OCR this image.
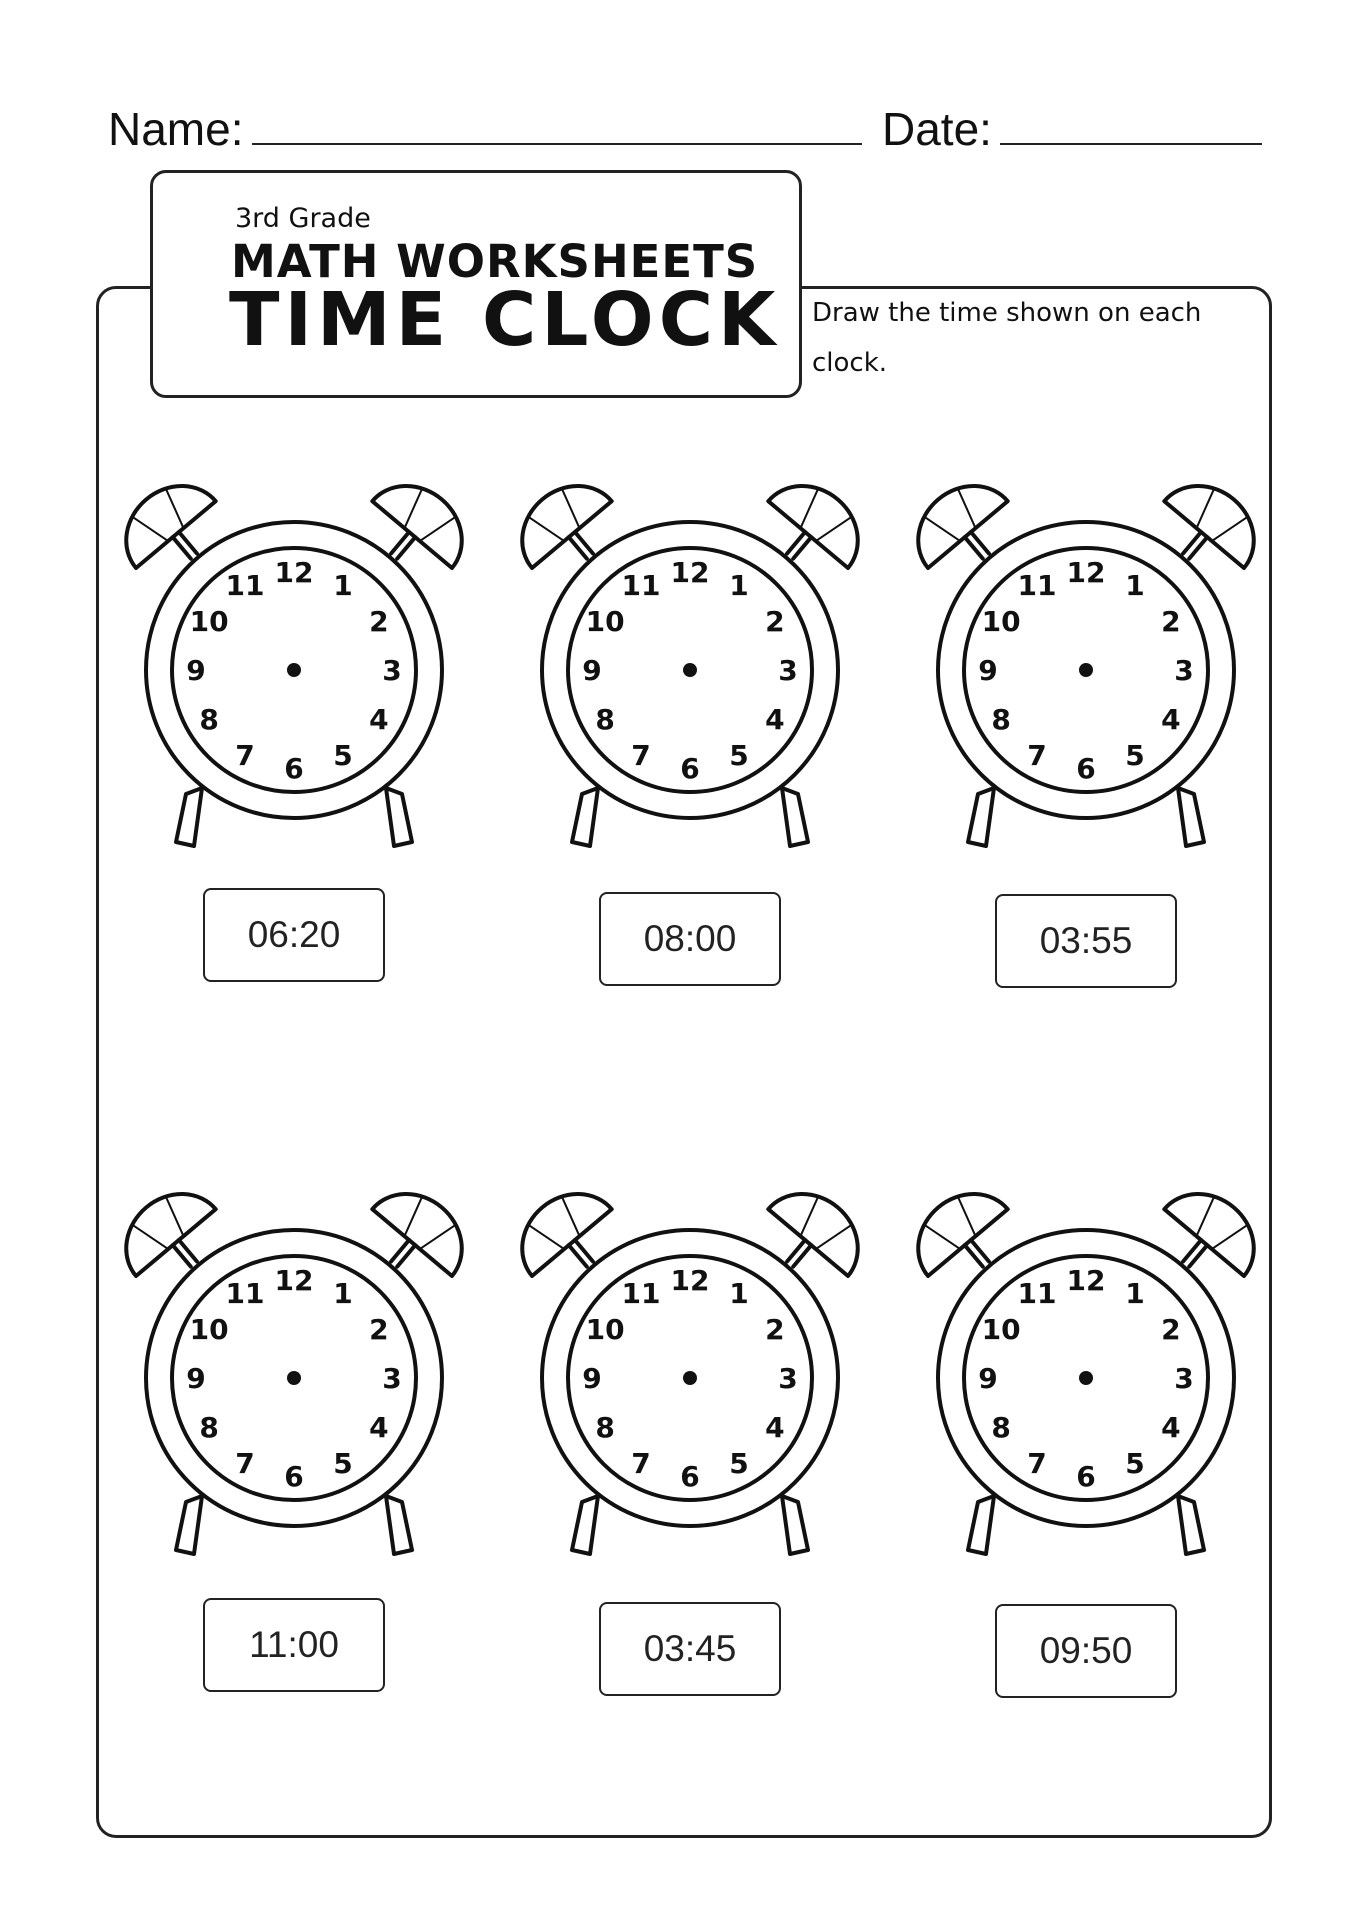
Name:	Date:
3rd Grade
MATH WORKSHEETS
TIME CLOCK Draw the time shown on each clock.
12 1
2
3
4
5
6
7
8
9
10
11
06:20
12 1
2
3
4
5
6
7
8
9
10
11
08:00
12 1
2
3
4
5
6
7
8
9
10
11
03:55
12 1
2
3
4
5
6
7
8
9
10
11
11:00
12 1
2
3
4
5
6
7
8
9
10
11
03:45
12 1
2
3
4
5
6
7
8
9
10
11
09:50
